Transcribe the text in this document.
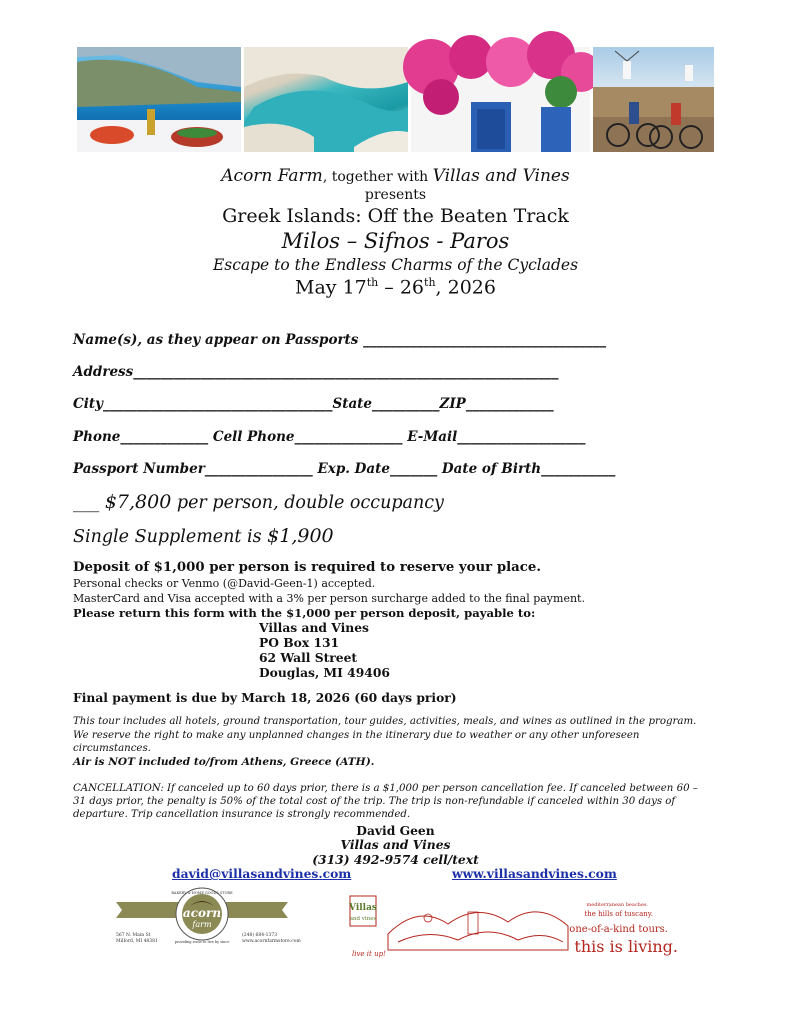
Acorn Farm, together with Villas and Vines
presents
Greek Islands: Off the Beaten Track
Milos – Sifnos - Paros
Escape to the Endless Charms of the Cyclades
May 17th – 26th, 2026
Name(s), as they appear on Passports ____________________________________
Address_______________________________________________________________
City__________________________________State__________ZIP_____________
Phone_____________ Cell Phone________________ E-Mail___________________
Passport Number________________ Exp. Date_______ Date of Birth___________
___ $7,800 per person, double occupancy
Single Supplement is $1,900
Deposit of $1,000 per person is required to reserve your place.
Personal checks or Venmo (@David-Geen-1) accepted.
MasterCard and Visa accepted with a 3% per person surcharge added to the final payment.
Please return this form with the $1,000 per person deposit, payable to:
Villas and Vines
PO Box 131
62 Wall Street
Douglas, MI 49406
Final payment is due by March 18, 2026 (60 days prior)
This tour includes all hotels, ground transportation, tour guides, activities, meals, and wines as outlined in the program.
We reserve the right to make any unplanned changes in the itinerary due to weather or any other unforeseen
circumstances.
Air is NOT included to/from Athens, Greece (ATH).
CANCELLATION: If canceled up to 60 days prior, there is a $1,000 per person cancellation fee. If canceled between 60 –
31 days prior, the penalty is 50% of the total cost of the trip. The trip is non-refundable if canceled within 30 days of
departure. Trip cancellation insurance is strongly recommended.
David Geen
Villas and Vines
(313) 492-9574 cell/text
david@villasandvines.com	www.villasandvines.com
acorn
farm
BAKERY & HOME GOODS STORE
providing roots to live by since
567 N. Main St
Milford, MI 48381
(248) 684-1373
www.acornfarmstore.com
Villas
and vines
live it up!
mediterranean beaches.
the hills of tuscany.
one-of-a-kind tours.
this is living.
